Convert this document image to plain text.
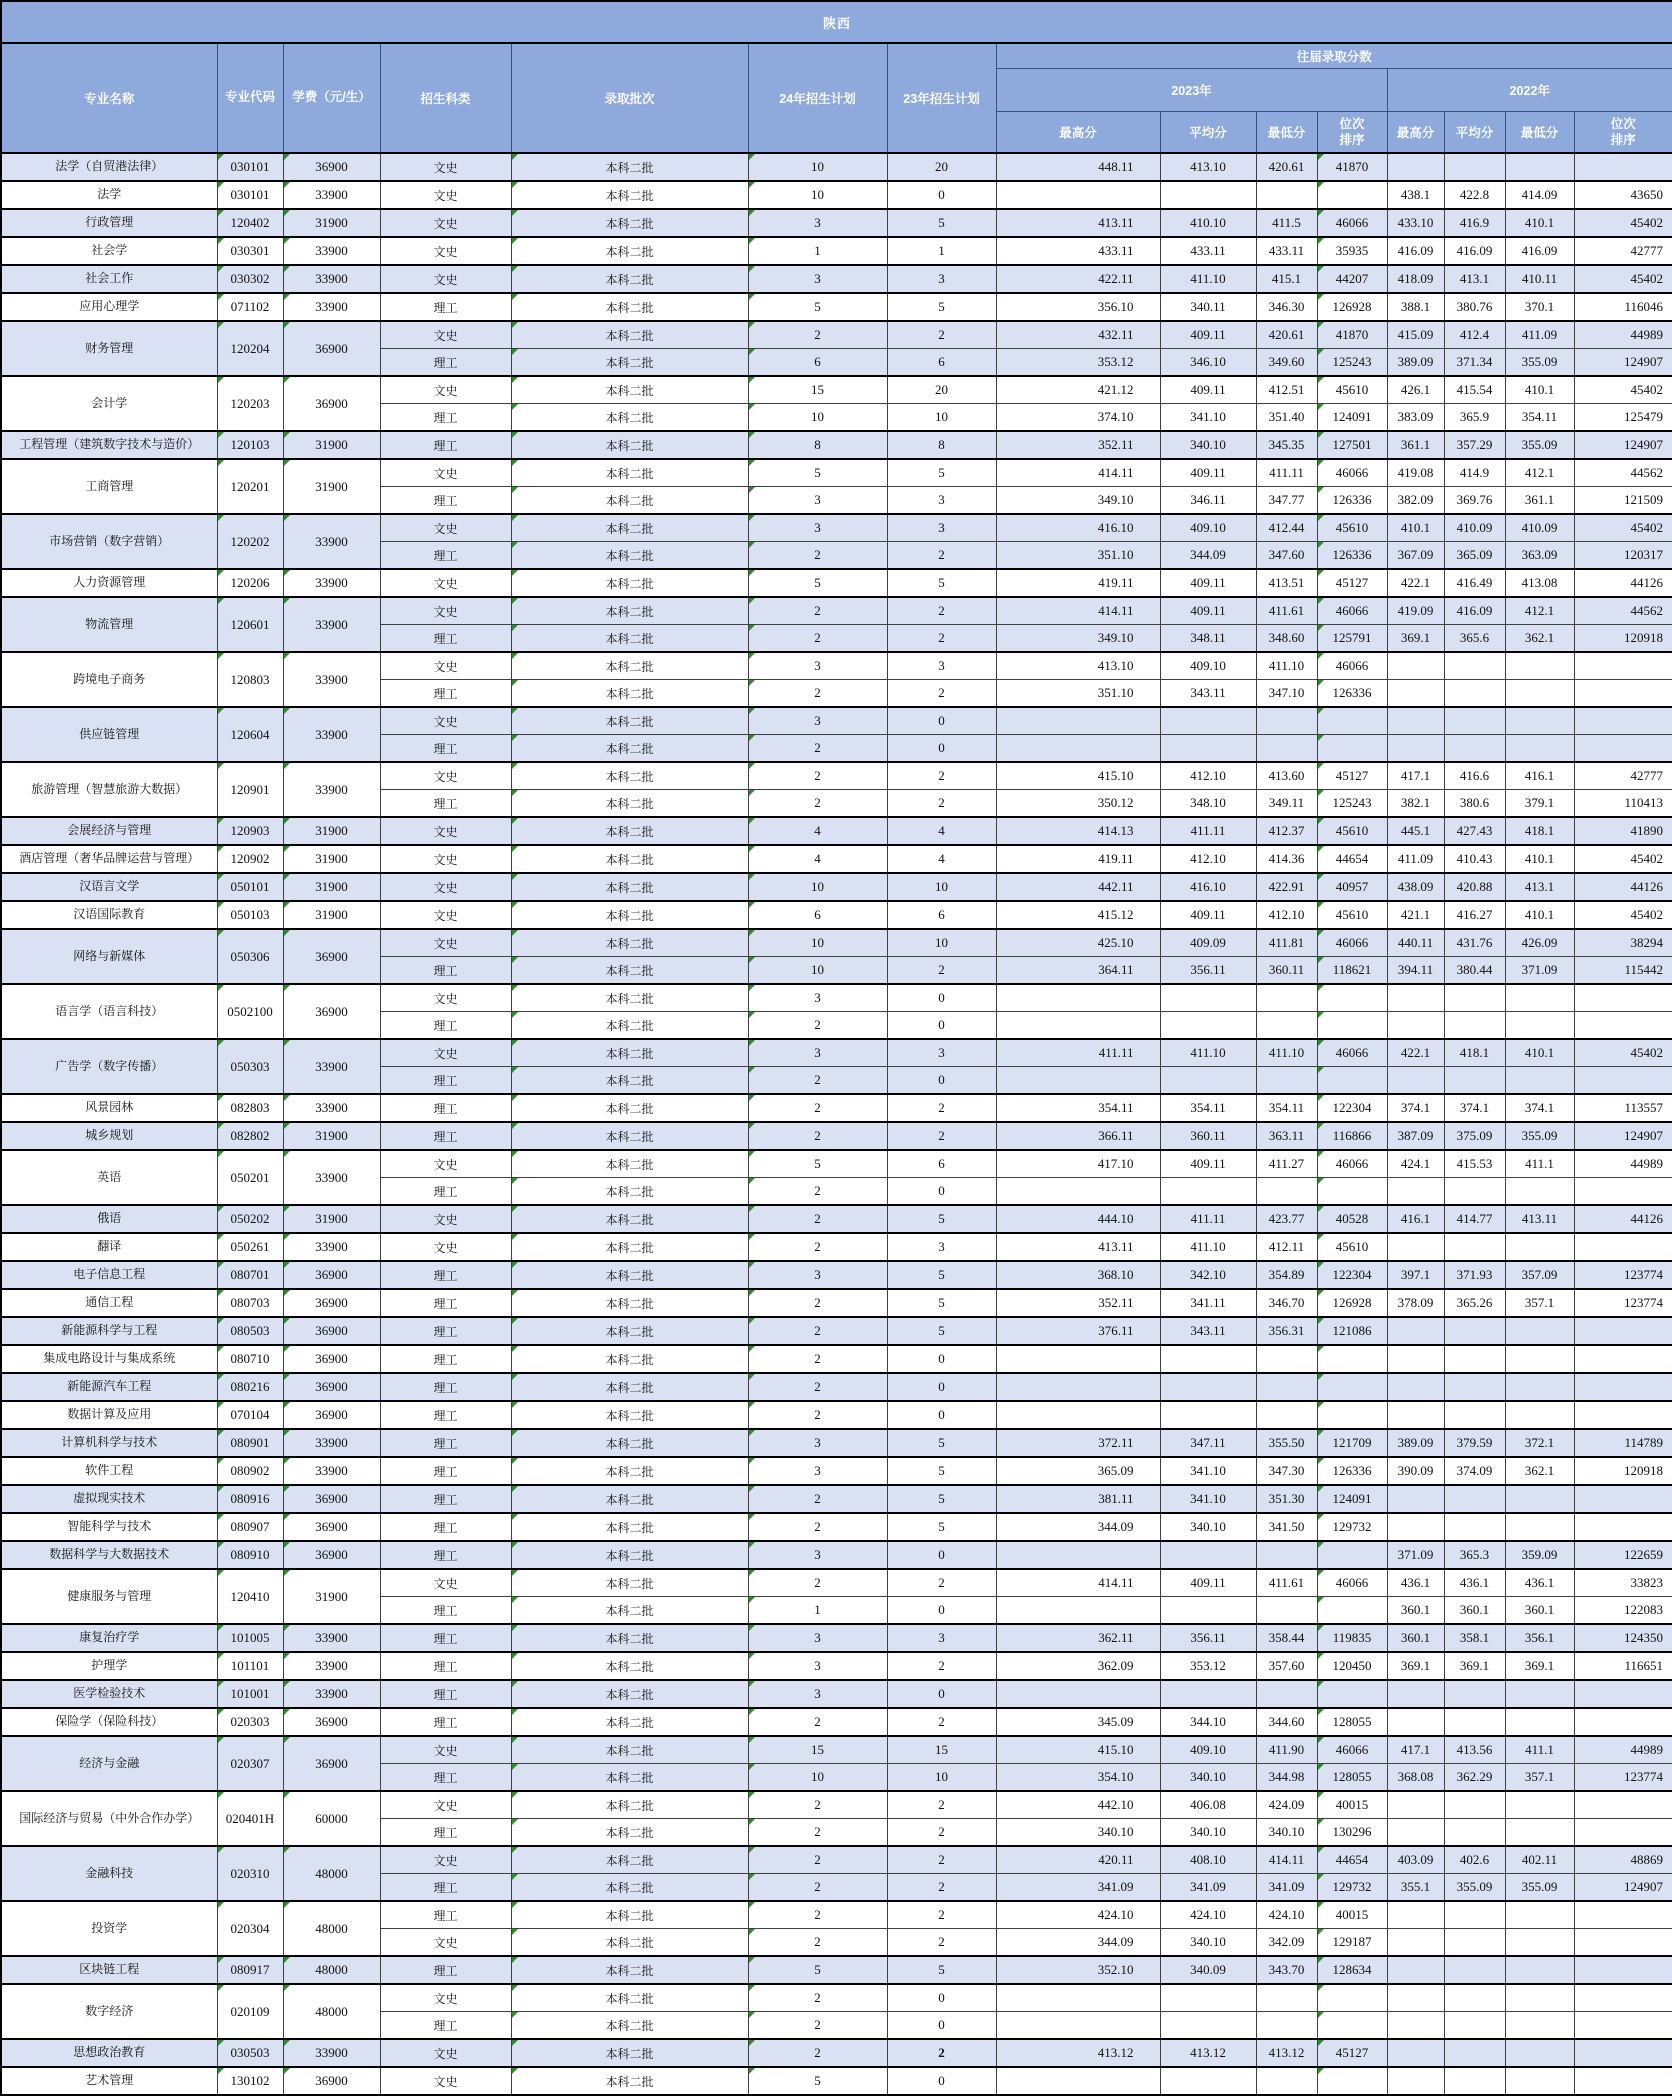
陕西														
专业名称	专业代码	学费（元/生）	招生科类	录取批次	24年招生计划	23年招生计划	往届录取分数							
							2023年				2022年			
							最高分	平均分	最低分	位次排序	最高分	平均分	最低分	位次排序
法学（自贸港法律）	030101	36900	文史	本科二批	10	20	448.11	413.10	420.61	41870				
法学	030101	33900	文史	本科二批	10	0					438.1	422.8	414.09	43650
行政管理	120402	31900	文史	本科二批	3	5	413.11	410.10	411.5	46066	433.10	416.9	410.1	45402
社会学	030301	33900	文史	本科二批	1	1	433.11	433.11	433.11	35935	416.09	416.09	416.09	42777
社会工作	030302	33900	文史	本科二批	3	3	422.11	411.10	415.1	44207	418.09	413.1	410.11	45402
应用心理学	071102	33900	理工	本科二批	5	5	356.10	340.11	346.30	126928	388.1	380.76	370.1	116046
财务管理	120204	36900	文史	本科二批	2	2	432.11	409.11	420.61	41870	415.09	412.4	411.09	44989
			理工	本科二批	6	6	353.12	346.10	349.60	125243	389.09	371.34	355.09	124907
会计学	120203	36900	文史	本科二批	15	20	421.12	409.11	412.51	45610	426.1	415.54	410.1	45402
			理工	本科二批	10	10	374.10	341.10	351.40	124091	383.09	365.9	354.11	125479
工程管理（建筑数字技术与造价）	120103	31900	理工	本科二批	8	8	352.11	340.10	345.35	127501	361.1	357.29	355.09	124907
工商管理	120201	31900	文史	本科二批	5	5	414.11	409.11	411.11	46066	419.08	414.9	412.1	44562
			理工	本科二批	3	3	349.10	346.11	347.77	126336	382.09	369.76	361.1	121509
市场营销（数字营销）	120202	33900	文史	本科二批	3	3	416.10	409.10	412.44	45610	410.1	410.09	410.09	45402
			理工	本科二批	2	2	351.10	344.09	347.60	126336	367.09	365.09	363.09	120317
人力资源管理	120206	33900	文史	本科二批	5	5	419.11	409.11	413.51	45127	422.1	416.49	413.08	44126
物流管理	120601	33900	文史	本科二批	2	2	414.11	409.11	411.61	46066	419.09	416.09	412.1	44562
			理工	本科二批	2	2	349.10	348.11	348.60	125791	369.1	365.6	362.1	120918
跨境电子商务	120803	33900	文史	本科二批	3	3	413.10	409.10	411.10	46066				
			理工	本科二批	2	2	351.10	343.11	347.10	126336				
供应链管理	120604	33900	文史	本科二批	3	0								
			理工	本科二批	2	0								
旅游管理（智慧旅游大数据）	120901	33900	文史	本科二批	2	2	415.10	412.10	413.60	45127	417.1	416.6	416.1	42777
			理工	本科二批	2	2	350.12	348.10	349.11	125243	382.1	380.6	379.1	110413
会展经济与管理	120903	31900	文史	本科二批	4	4	414.13	411.11	412.37	45610	445.1	427.43	418.1	41890
酒店管理（奢华品牌运营与管理）	120902	31900	文史	本科二批	4	4	419.11	412.10	414.36	44654	411.09	410.43	410.1	45402
汉语言文学	050101	31900	文史	本科二批	10	10	442.11	416.10	422.91	40957	438.09	420.88	413.1	44126
汉语国际教育	050103	31900	文史	本科二批	6	6	415.12	409.11	412.10	45610	421.1	416.27	410.1	45402
网络与新媒体	050306	36900	文史	本科二批	10	10	425.10	409.09	411.81	46066	440.11	431.76	426.09	38294
			理工	本科二批	10	2	364.11	356.11	360.11	118621	394.11	380.44	371.09	115442
语言学（语言科技）	0502100	36900	文史	本科二批	3	0								
			理工	本科二批	2	0								
广告学（数字传播）	050303	33900	文史	本科二批	3	3	411.11	411.10	411.10	46066	422.1	418.1	410.1	45402
			理工	本科二批	2	0								
风景园林	082803	33900	理工	本科二批	2	2	354.11	354.11	354.11	122304	374.1	374.1	374.1	113557
城乡规划	082802	31900	理工	本科二批	2	2	366.11	360.11	363.11	116866	387.09	375.09	355.09	124907
英语	050201	33900	文史	本科二批	5	6	417.10	409.11	411.27	46066	424.1	415.53	411.1	44989
			理工	本科二批	2	0								
俄语	050202	31900	文史	本科二批	2	5	444.10	411.11	423.77	40528	416.1	414.77	413.11	44126
翻译	050261	33900	文史	本科二批	2	3	413.11	411.10	412.11	45610				
电子信息工程	080701	36900	理工	本科二批	3	5	368.10	342.10	354.89	122304	397.1	371.93	357.09	123774
通信工程	080703	36900	理工	本科二批	2	5	352.11	341.11	346.70	126928	378.09	365.26	357.1	123774
新能源科学与工程	080503	36900	理工	本科二批	2	5	376.11	343.11	356.31	121086				
集成电路设计与集成系统	080710	36900	理工	本科二批	2	0								
新能源汽车工程	080216	36900	理工	本科二批	2	0								
数据计算及应用	070104	36900	理工	本科二批	2	0								
计算机科学与技术	080901	33900	理工	本科二批	3	5	372.11	347.11	355.50	121709	389.09	379.59	372.1	114789
软件工程	080902	33900	理工	本科二批	3	5	365.09	341.10	347.30	126336	390.09	374.09	362.1	120918
虚拟现实技术	080916	36900	理工	本科二批	2	5	381.11	341.10	351.30	124091				
智能科学与技术	080907	36900	理工	本科二批	2	5	344.09	340.10	341.50	129732				
数据科学与大数据技术	080910	36900	理工	本科二批	3	0					371.09	365.3	359.09	122659
健康服务与管理	120410	31900	文史	本科二批	2	2	414.11	409.11	411.61	46066	436.1	436.1	436.1	33823
			理工	本科二批	1	0					360.1	360.1	360.1	122083
康复治疗学	101005	33900	理工	本科二批	3	3	362.11	356.11	358.44	119835	360.1	358.1	356.1	124350
护理学	101101	33900	理工	本科二批	3	2	362.09	353.12	357.60	120450	369.1	369.1	369.1	116651
医学检验技术	101001	33900	理工	本科二批	3	0								
保险学（保险科技）	020303	36900	理工	本科二批	2	2	345.09	344.10	344.60	128055				
经济与金融	020307	36900	文史	本科二批	15	15	415.10	409.10	411.90	46066	417.1	413.56	411.1	44989
			理工	本科二批	10	10	354.10	340.10	344.98	128055	368.08	362.29	357.1	123774
国际经济与贸易（中外合作办学）	020401H	60000	文史	本科二批	2	2	442.10	406.08	424.09	40015				
			理工	本科二批	2	2	340.10	340.10	340.10	130296				
金融科技	020310	48000	文史	本科二批	2	2	420.11	408.10	414.11	44654	403.09	402.6	402.11	48869
			理工	本科二批	2	2	341.09	341.09	341.09	129732	355.1	355.09	355.09	124907
投资学	020304	48000	理工	本科二批	2	2	424.10	424.10	424.10	40015				
			文史	本科二批	2	2	344.09	340.10	342.09	129187				
区块链工程	080917	48000	理工	本科二批	5	5	352.10	340.09	343.70	128634				
数字经济	020109	48000	文史	本科二批	2	0								
			理工	本科二批	2	0								
思想政治教育	030503	33900	文史	本科二批	2	2	413.12	413.12	413.12	45127				
艺术管理	130102	36900	文史	本科二批	5	0								
